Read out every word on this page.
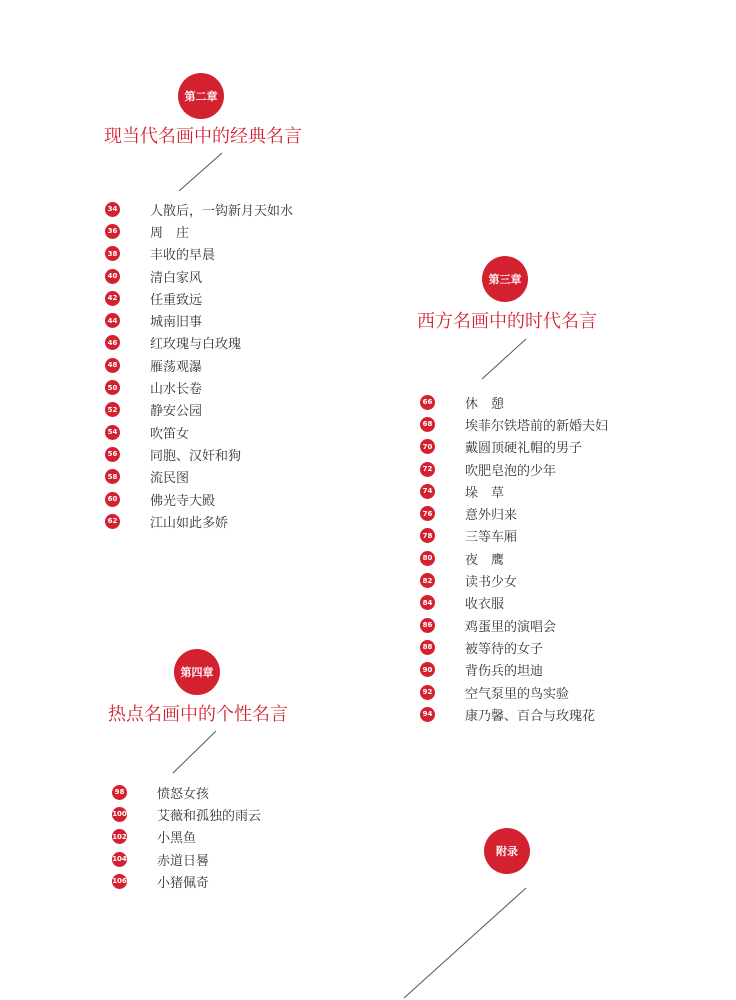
第二章
现当代名画中的经典名言
34	人散后，一钩新月天如水
36	周　庄
38	丰收的早晨
40	清白家风
42	任重致远
44	城南旧事
46	红玫瑰与白玫瑰
48	雁荡观瀑
50	山水长卷
52	静安公园
54	吹笛女
56	同胞、汉奸和狗
58	流民图
60	佛光寺大殿
62	江山如此多娇
第三章
西方名画中的时代名言
66	休　憩
68	埃菲尔铁塔前的新婚夫妇
70	戴圆顶硬礼帽的男子
72	吹肥皂泡的少年
74	垛　草
76	意外归来
78	三等车厢
80	夜　鹰
82	读书少女
84	收衣服
86	鸡蛋里的演唱会
88	被等待的女子
90	背伤兵的坦迪
92	空气泵里的鸟实验
94	康乃馨、百合与玫瑰花
第四章
热点名画中的个性名言
98	愤怒女孩
100 艾薇和孤独的雨云
102 小黑鱼
104 赤道日晷
106 小猪佩奇
附录
